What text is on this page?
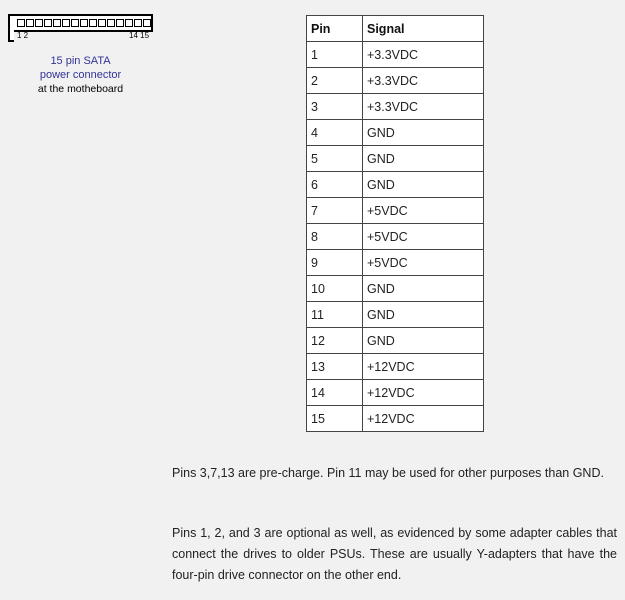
1 2	14 15
15 pin SATA
power connector
at the motheboard
Pin	Signal
1	+3.3VDC
2	+3.3VDC
3	+3.3VDC
4	GND
5	GND
6	GND
7	+5VDC
8	+5VDC
9	+5VDC
10	GND
11	GND
12	GND
13	+12VDC
14	+12VDC
15	+12VDC

Pins 3,7,13 are pre-charge. Pin 11 may be used for other purposes than GND.

Pins 1, 2, and 3 are optional as well, as evidenced by some adapter cables that connect the drives to older PSUs. These are usually Y-adapters that have the four-pin drive connector on the other end.
